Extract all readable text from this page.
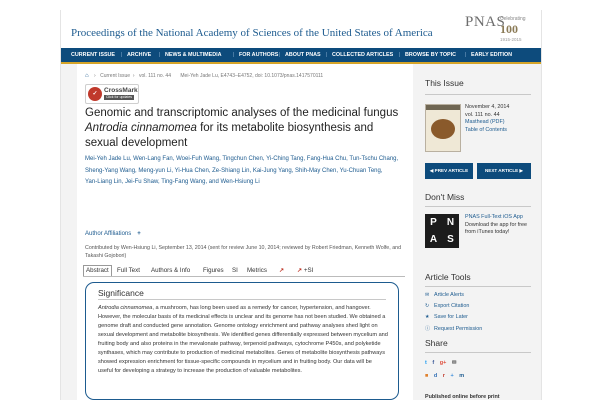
Proceedings of the National Academy of Sciences of the United States of America
PNAS
Celebrating
100
1915-2015
CURRENT ISSUE | ARCHIVE | NEWS & MULTIMEDIA | FOR AUTHORS | ABOUT PNAS | COLLECTED ARTICLES | BROWSE BY TOPIC | EARLY EDITION
⌂ › Current Issue  › vol. 111 no. 44 Mei-Yeh Jade Lu, E4743–E4752, doi: 10.1073/pnas.1417570111
✓ CrossMark
Click for updates
Genomic and transcriptomic analyses of the medicinal fungus Antrodia cinnamomea for its metabolite biosynthesis and sexual development
Mei-Yeh Jade Lu, Wen-Lang Fan, Woei-Fuh Wang, Tingchun Chen, Yi-Ching Tang, Fang-Hua Chu, Tun-Tschu Chang, Sheng-Yang Wang, Meng-yun Li, Yi-Hua Chen, Ze-Shiang Lin, Kai-Jung Yang, Shih-May Chen, Yu-Chuan Teng, Yan-Liang Lin, Jei-Fu Shaw, Ting-Fang Wang, and Wen-Hsiung Li
Author Affiliations +
Contributed by Wen-Hsiung Li, September 13, 2014 (sent for review June 10, 2014; reviewed by Robert Friedman, Kenneth Wolfe, and Takashi Gojobori)
Abstract	Full Text Authors & Info Figures SI Metrics ↗ ↗ +SI
Significance
Antrodia cinnamomea, a mushroom, has long been used as a remedy for cancer, hypertension, and hangover. However, the molecular basis of its medicinal effects is unclear and its genome has not been studied. We obtained a genome draft and conducted gene annotation. Genome ontology enrichment and pathway analyses shed light on sexual development and metabolite biosynthesis. We identified genes differentially expressed between mycelium and fruiting body and also proteins in the mevalonate pathway, terpenoid pathways, cytochrome P450s, and polyketide synthases, which may contribute to production of medicinal metabolites. Genes of metabolite biosynthesis pathways showed expression enrichment for tissue-specific compounds in mycelium and in fruiting body. Our data will be useful for developing a strategy to increase the production of valuable metabolites.
This Issue
November 4, 2014
vol. 111 no. 44
Masthead (PDF)
Table of Contents
◀ PREV ARTICLE	NEXT ARTICLE ▶
Don't Miss
P	N
A	S
PNAS Full-Text iOS App
Download the app for free from iTunes today!
Article Tools
✉ Article Alerts
↻ Export Citation
★ Save for Later
ⓘ Request Permission
Share
t f g+ ✉
■ d r + m
Published online before print
